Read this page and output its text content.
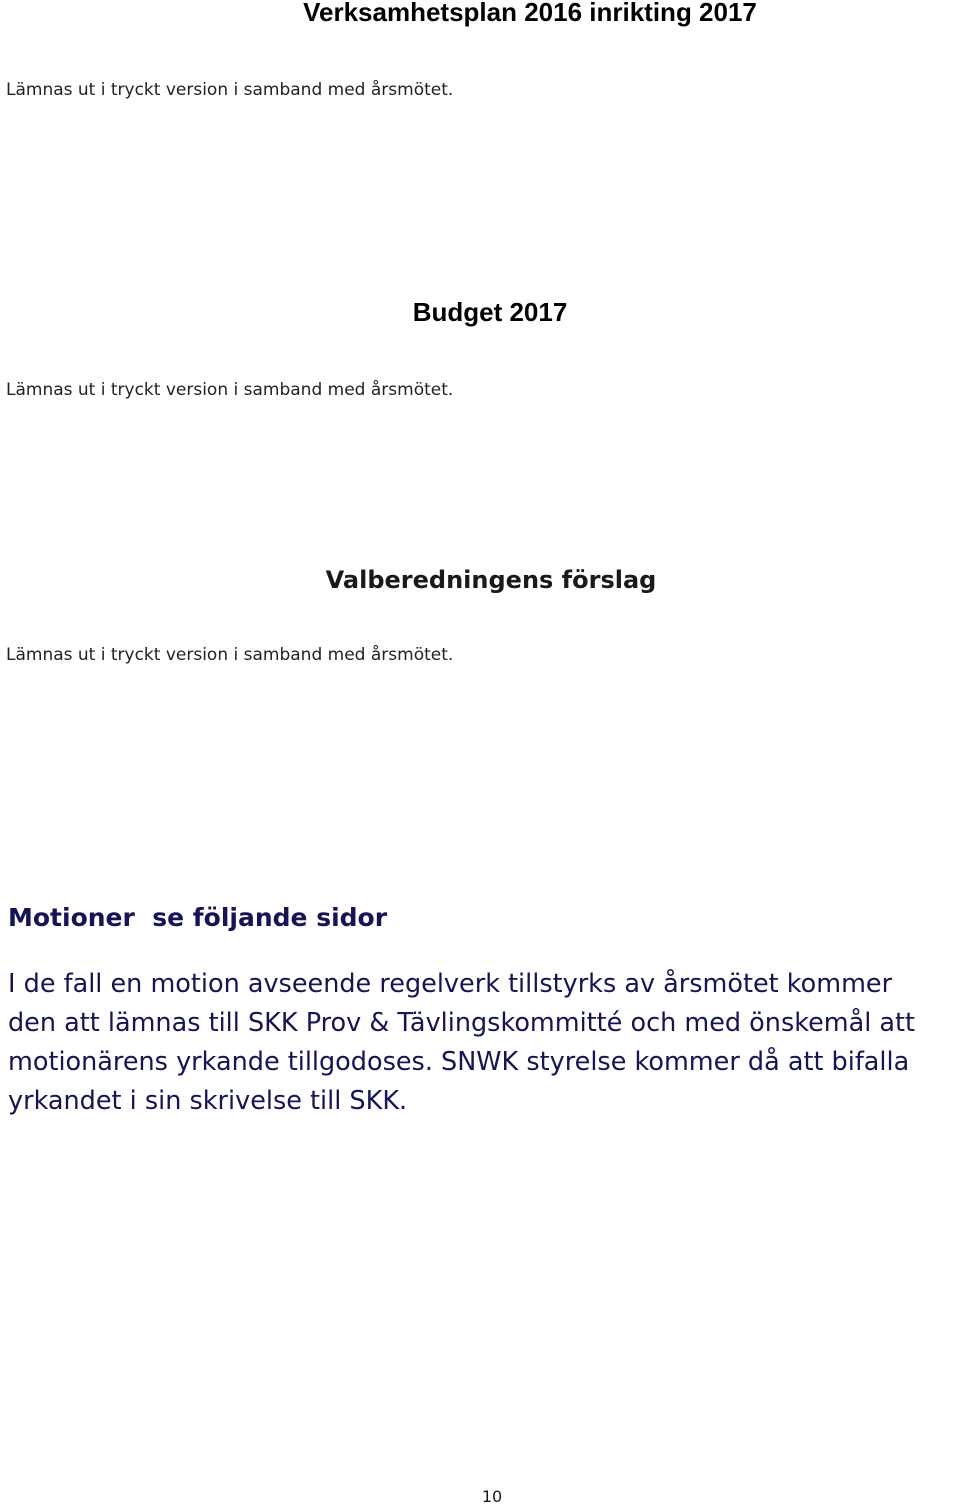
Verksamhetsplan 2016 inrikting 2017

Lämnas ut i tryckt version i samband med årsmötet.

Budget 2017

Lämnas ut i tryckt version i samband med årsmötet.

Valberedningens förslag

Lämnas ut i tryckt version i samband med årsmötet.

Motioner  se följande sidor
I de fall en motion avseende regelverk tillstyrks av årsmötet kommer
den att lämnas till SKK Prov & Tävlingskommitté och med önskemål att
motionärens yrkande tillgodoses. SNWK styrelse kommer då att bifalla
yrkandet i sin skrivelse till SKK.
10
